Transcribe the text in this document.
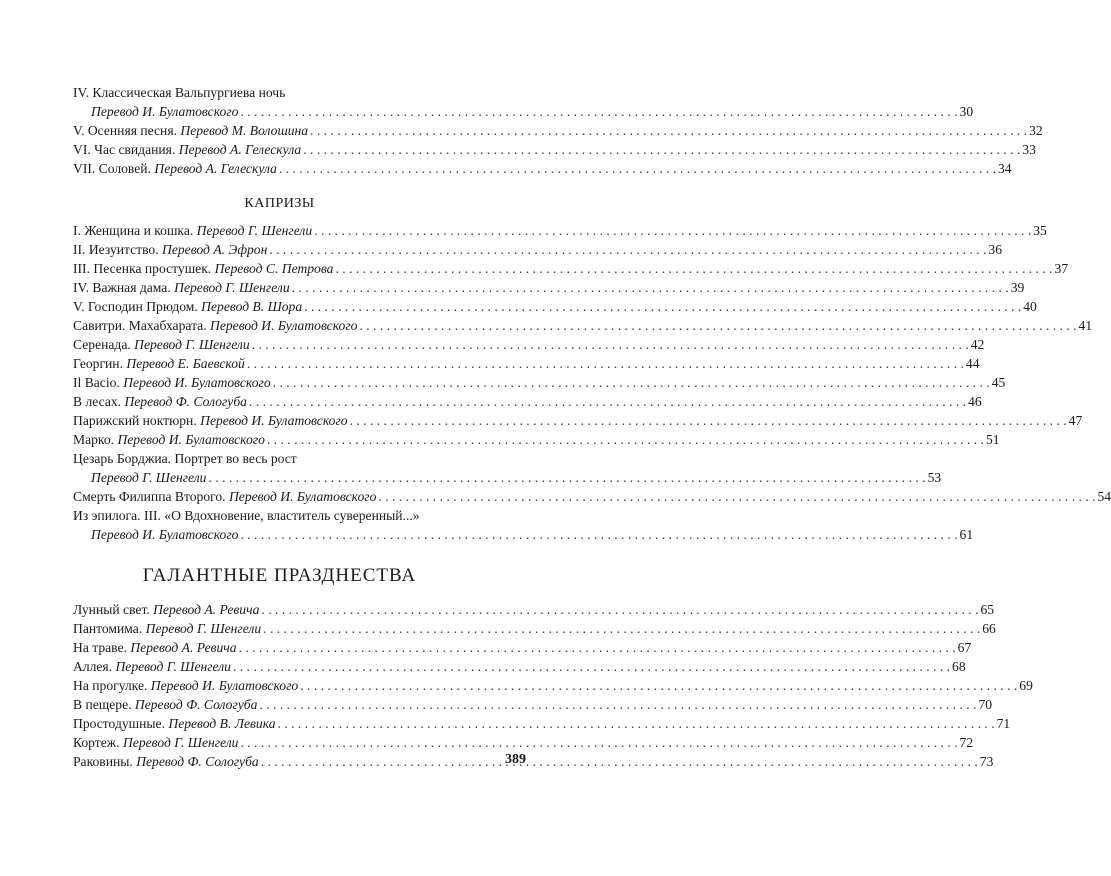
IV. Классическая Вальпургиева ночь
Перевод И. Булатовского . . .	30
V. Осенняя песня. Перевод М. Волошина . . .	32
VI. Час свидания. Перевод А. Гелескула . . .	33
VII. Соловей. Перевод А. Гелескула . . .	34
КАПРИЗЫ
I. Женщина и кошка. Перевод Г. Шенгели . . .	35
II. Иезуитство. Перевод А. Эфрон . . .	36
III. Песенка простушек. Перевод С. Петрова . . .	37
IV. Важная дама. Перевод Г. Шенгели . . .	39
V. Господин Прюдом. Перевод В. Шора . . .	40
Савитри. Махабхарата. Перевод И. Булатовского . . .	41
Серенада. Перевод Г. Шенгели . . .	42
Георгин. Перевод Е. Баевской . . .	44
Il Bacio. Перевод И. Булатовского . . .	45
В лесах. Перевод Ф. Сологуба . . .	46
Парижский ноктюрн. Перевод И. Булатовского . . .	47
Марко. Перевод И. Булатовского . . .	51
Цезарь Борджиа. Портрет во весь рост
Перевод Г. Шенгели . . .	53
Смерть Филиппа Второго. Перевод И. Булатовского . . .	54
Из эпилога. III. «О Вдохновение, властитель суверенный...»
Перевод И. Булатовского . . .	61
ГАЛАНТНЫЕ ПРАЗДНЕСТВА
Лунный свет. Перевод А. Ревича . . .	65
Пантомима. Перевод Г. Шенгели . . .	66
На траве. Перевод А. Ревича . . .	67
Аллея. Перевод Г. Шенгели . . .	68
На прогулке. Перевод И. Булатовского . . .	69
В пещере. Перевод Ф. Сологуба . . .	70
Простодушные. Перевод В. Левика . . .	71
Кортеж. Перевод Г. Шенгели . . .	72
Раковины. Перевод Ф. Сологуба . . .	73
389
